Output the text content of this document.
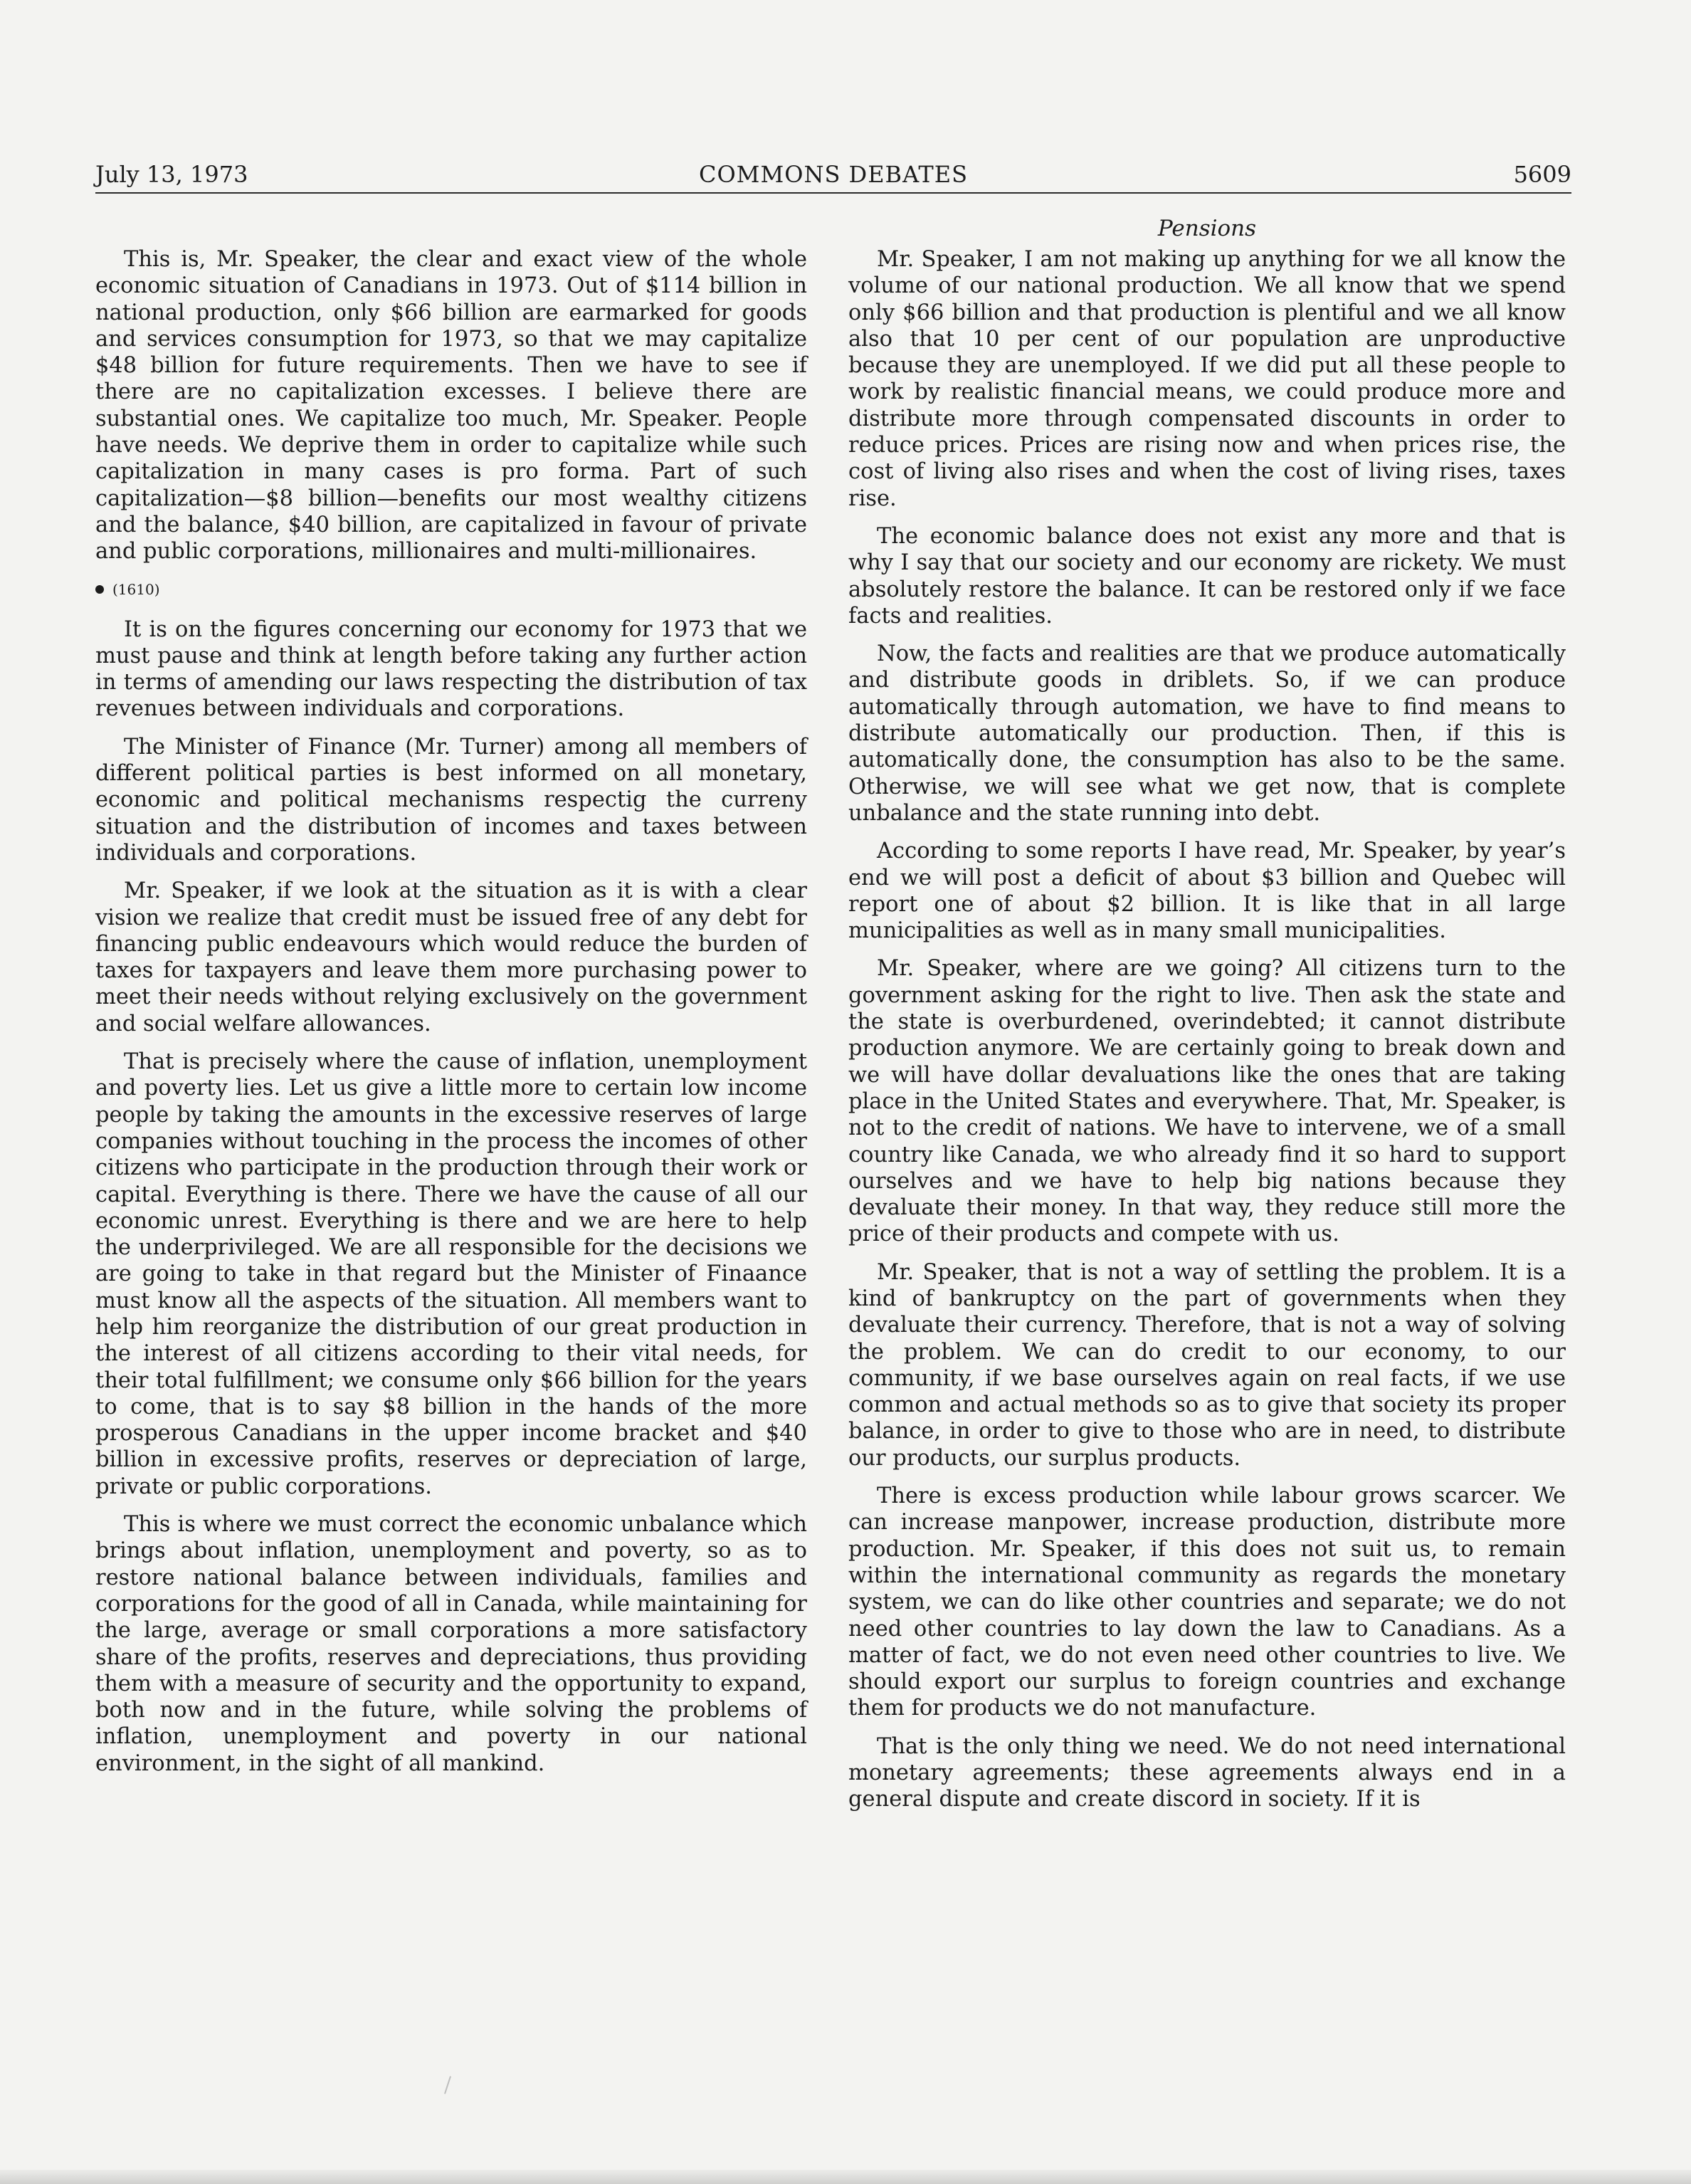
July 13, 1973	COMMONS DEBATES	5609

This is, Mr. Speaker, the clear and exact view of the whole economic situation of Canadians in 1973. Out of $114 billion in national production, only $66 billion are earmarked for goods and services consumption for 1973, so that we may capitalize $48 billion for future requirements. Then we have to see if there are no capitalization excesses. I believe there are substantial ones. We capitalize too much, Mr. Speaker. People have needs. We deprive them in order to capitalize while such capitalization in many cases is pro forma. Part of such capitalization—$8 billion—benefits our most wealthy citizens and the balance, $40 billion, are capitalized in favour of private and public corporations, millionaires and multi-millionaires.

(1610)

It is on the figures concerning our economy for 1973 that we must pause and think at length before taking any further action in terms of amending our laws respecting the distribution of tax revenues between individuals and corporations.

The Minister of Finance (Mr. Turner) among all members of different political parties is best informed on all monetary, economic and political mechanisms respectig the curreny situation and the distribution of incomes and taxes between individuals and corporations.

Mr. Speaker, if we look at the situation as it is with a clear vision we realize that credit must be issued free of any debt for financing public endeavours which would reduce the burden of taxes for taxpayers and leave them more purchasing power to meet their needs without relying exclusively on the government and social welfare allowances.

That is precisely where the cause of inflation, unemployment and poverty lies. Let us give a little more to certain low income people by taking the amounts in the excessive reserves of large companies without touching in the process the incomes of other citizens who participate in the production through their work or capital. Everything is there. There we have the cause of all our economic unrest. Everything is there and we are here to help the underprivileged. We are all responsible for the decisions we are going to take in that regard but the Minister of Finaance must know all the aspects of the situation. All members want to help him reorganize the distribution of our great production in the interest of all citizens according to their vital needs, for their total fulfillment; we consume only $66 billion for the years to come, that is to say $8 billion in the hands of the more prosperous Canadians in the upper income bracket and $40 billion in excessive profits, reserves or depreciation of large, private or public corporations.

This is where we must correct the economic unbalance which brings about inflation, unemployment and poverty, so as to restore national balance between individuals, families and corporations for the good of all in Canada, while maintaining for the large, average or small corporations a more satisfactory share of the profits, reserves and depreciations, thus providing them with a measure of security and the opportunity to expand, both now and in the future, while solving the problems of inflation, unemployment and poverty in our national environment, in the sight of all mankind.

Pensions

Mr. Speaker, I am not making up anything for we all know the volume of our national production. We all know that we spend only $66 billion and that production is plentiful and we all know also that 10 per cent of our population are unproductive because they are unemployed. If we did put all these people to work by realistic financial means, we could produce more and distribute more through compensated discounts in order to reduce prices. Prices are rising now and when prices rise, the cost of living also rises and when the cost of living rises, taxes rise.

The economic balance does not exist any more and that is why I say that our society and our economy are rickety. We must absolutely restore the balance. It can be restored only if we face facts and realities.

Now, the facts and realities are that we produce automatically and distribute goods in driblets. So, if we can produce automatically through automation, we have to find means to distribute automatically our production. Then, if this is automatically done, the consumption has also to be the same. Otherwise, we will see what we get now, that is complete unbalance and the state running into debt.

According to some reports I have read, Mr. Speaker, by year’s end we will post a deficit of about $3 billion and Quebec will report one of about $2 billion. It is like that in all large municipalities as well as in many small municipalities.

Mr. Speaker, where are we going? All citizens turn to the government asking for the right to live. Then ask the state and the state is overburdened, overindebted; it cannot distribute production anymore. We are certainly going to break down and we will have dollar devaluations like the ones that are taking place in the United States and everywhere. That, Mr. Speaker, is not to the credit of nations. We have to intervene, we of a small country like Canada, we who already find it so hard to support ourselves and we have to help big nations because they devaluate their money. In that way, they reduce still more the price of their products and compete with us.

Mr. Speaker, that is not a way of settling the problem. It is a kind of bankruptcy on the part of governments when they devaluate their currency. Therefore, that is not a way of solving the problem. We can do credit to our economy, to our community, if we base ourselves again on real facts, if we use common and actual methods so as to give that society its proper balance, in order to give to those who are in need, to distribute our products, our surplus products.

There is excess production while labour grows scarcer. We can increase manpower, increase production, distribute more production. Mr. Speaker, if this does not suit us, to remain within the international community as regards the monetary system, we can do like other countries and separate; we do not need other countries to lay down the law to Canadians. As a matter of fact, we do not even need other countries to live. We should export our surplus to foreign countries and exchange them for products we do not manufacture.

That is the only thing we need. We do not need international monetary agreements; these agreements always end in a general dispute and create discord in society. If it is
